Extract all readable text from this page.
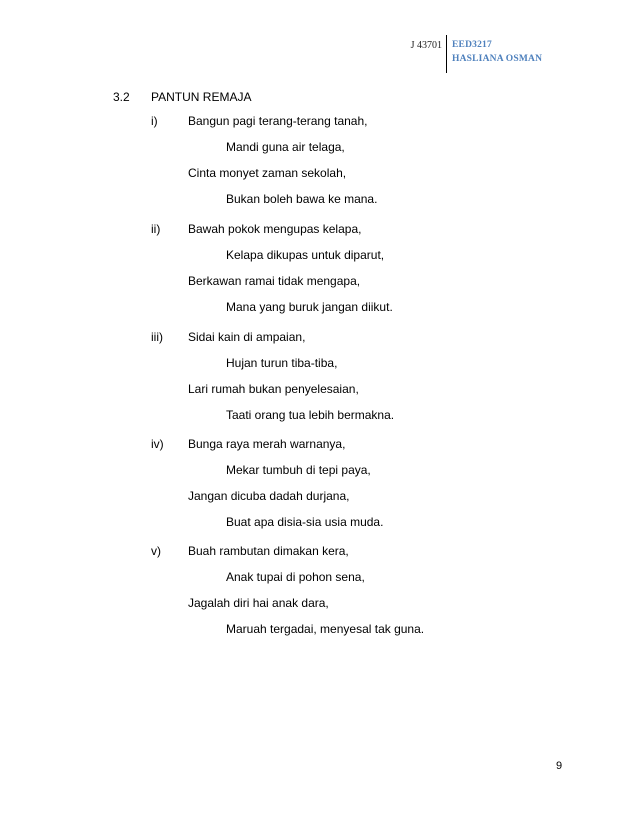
J 43701 EED3217
HASLIANA OSMAN
3.2 PANTUN REMAJA
i)	Bangun pagi terang-terang tanah,
Mandi guna air telaga,
Cinta monyet zaman sekolah,
Bukan boleh bawa ke mana.
ii) Bawah pokok mengupas kelapa,
Kelapa dikupas untuk diparut,
Berkawan ramai tidak mengapa,
Mana yang buruk jangan diikut.
iii) Sidai kain di ampaian,
Hujan turun tiba-tiba,
Lari rumah bukan penyelesaian,
Taati orang tua lebih bermakna.
iv) Bunga raya merah warnanya,
Mekar tumbuh di tepi paya,
Jangan dicuba dadah durjana,
Buat apa disia-sia usia muda.
v) Buah rambutan dimakan kera,
Anak tupai di pohon sena,
Jagalah diri hai anak dara,
Maruah tergadai, menyesal tak guna.
9
